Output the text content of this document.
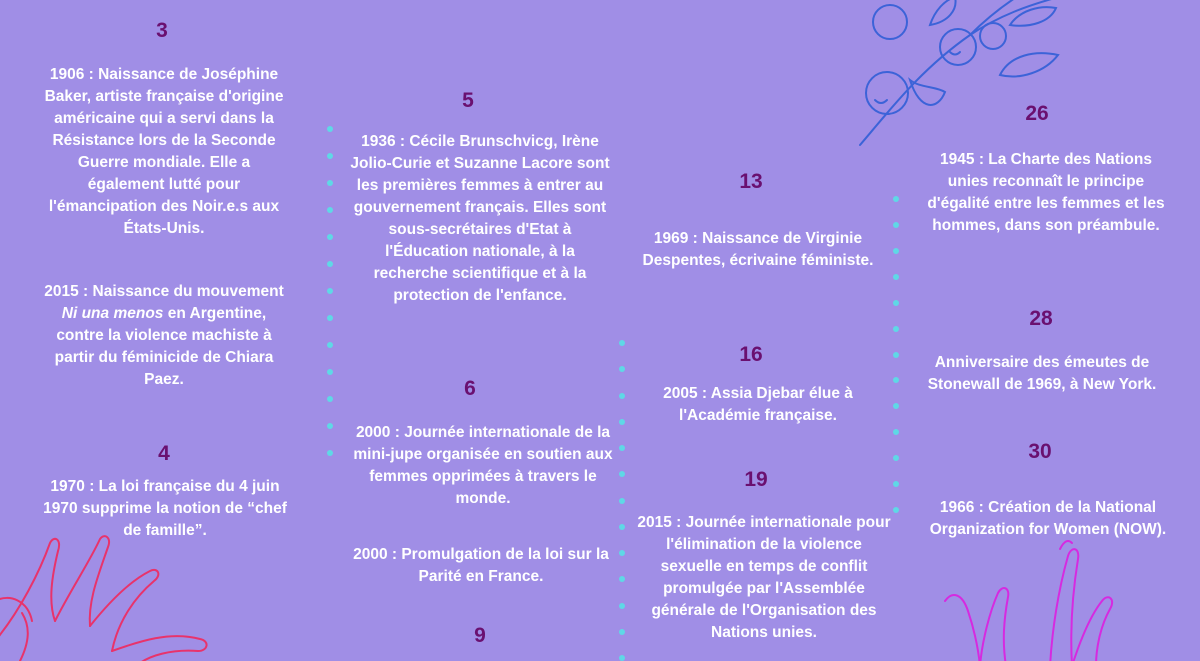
3

1906 : Naissance de Joséphine Baker, artiste française d'origine américaine qui a servi dans la Résistance lors de la Seconde Guerre mondiale. Elle a également lutté pour l'émancipation des Noir.e.s aux États-Unis.

2015 : Naissance du mouvement Ni una menos en Argentine, contre la violence machiste à partir du féminicide de Chiara Paez.

4

1970 : La loi française du 4 juin 1970 supprime la notion de “chef de famille”.

5

1936 : Cécile Brunschvicg, Irène Jolio-Curie et Suzanne Lacore sont les premières femmes à entrer au gouvernement français. Elles sont sous-secrétaires d'Etat à l'Éducation nationale, à la recherche scientifique et à la protection de l'enfance.

6

2000 : Journée internationale de la mini-jupe organisée en soutien aux femmes opprimées à travers le monde.

2000 : Promulgation de la loi sur la Parité en France.

9
13

1969 : Naissance de Virginie Despentes, écrivaine féministe.

16

2005 : Assia Djebar élue à l'Académie française.

19

2015 : Journée internationale pour l'élimination de la violence sexuelle en temps de conflit promulgée par l'Assemblée générale de l'Organisation des Nations unies.

26

1945 : La Charte des Nations unies reconnaît le principe d'égalité entre les femmes et les hommes, dans son préambule.

28

Anniversaire des émeutes de Stonewall de 1969, à New York.

30

1966 : Création de la National Organization for Women (NOW).
